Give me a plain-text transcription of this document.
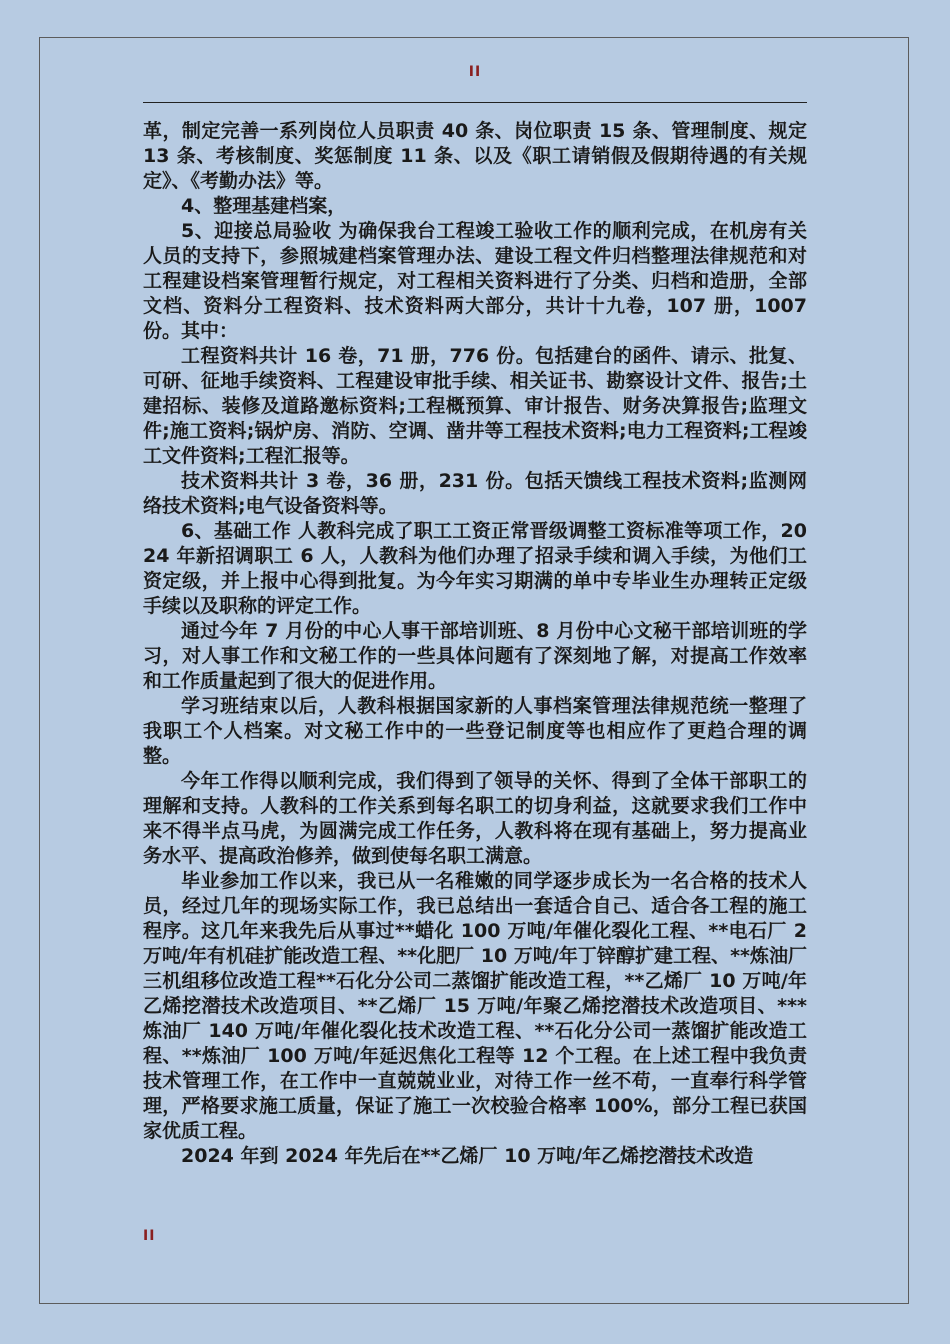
II

革，制定完善一系列岗位人员职责 40 条、岗位职责 15 条、管理制度、规定 13 条、考核制度、奖惩制度 11 条、以及《职工请销假及假期待遇的有关规定》、《考勤办法》等。

4、整理基建档案，

5、迎接总局验收 为确保我台工程竣工验收工作的顺利完成，在机房有关人员的支持下，参照城建档案管理办法、建设工程文件归档整理法律规范和对工程建设档案管理暂行规定，对工程相关资料进行了分类、归档和造册，全部文档、资料分工程资料、技术资料两大部分，共计十九卷，107 册，1007 份。其中：

工程资料共计 16 卷，71 册，776 份。包括建台的函件、请示、批复、可研、征地手续资料、工程建设审批手续、相关证书、勘察设计文件、报告;土建招标、装修及道路邀标资料;工程概预算、审计报告、财务决算报告;监理文件;施工资料;锅炉房、消防、空调、凿井等工程技术资料;电力工程资料;工程竣工文件资料;工程汇报等。

技术资料共计 3 卷，36 册，231 份。包括天馈线工程技术资料;监测网络技术资料;电气设备资料等。

6、基础工作 人教科完成了职工工资正常晋级调整工资标准等项工作，2024 年新招调职工 6 人，人教科为他们办理了招录手续和调入手续，为他们工资定级，并上报中心得到批复。为今年实习期满的单中专毕业生办理转正定级手续以及职称的评定工作。

通过今年 7 月份的中心人事干部培训班、8 月份中心文秘干部培训班的学习，对人事工作和文秘工作的一些具体问题有了深刻地了解，对提高工作效率和工作质量起到了很大的促进作用。

学习班结束以后，人教科根据国家新的人事档案管理法律规范统一整理了我职工个人档案。对文秘工作中的一些登记制度等也相应作了更趋合理的调整。

今年工作得以顺利完成，我们得到了领导的关怀、得到了全体干部职工的理解和支持。人教科的工作关系到每名职工的切身利益，这就要求我们工作中来不得半点马虎，为圆满完成工作任务，人教科将在现有基础上，努力提高业务水平、提高政治修养，做到使每名职工满意。

毕业参加工作以来，我已从一名稚嫩的同学逐步成长为一名合格的技术人员，经过几年的现场实际工作，我已总结出一套适合自己、适合各工程的施工程序。这几年来我先后从事过**蜡化 100 万吨/年催化裂化工程、**电石厂 2 万吨/年有机硅扩能改造工程、**化肥厂 10 万吨/年丁锌醇扩建工程、**炼油厂三机组移位改造工程**石化分公司二蒸馏扩能改造工程，**乙烯厂 10 万吨/年乙烯挖潜技术改造项目、**乙烯厂 15 万吨/年聚乙烯挖潜技术改造项目、***炼油厂 140 万吨/年催化裂化技术改造工程、**石化分公司一蒸馏扩能改造工程、**炼油厂 100 万吨/年延迟焦化工程等 12 个工程。在上述工程中我负责技术管理工作，在工作中一直兢兢业业，对待工作一丝不苟，一直奉行科学管理，严格要求施工质量，保证了施工一次校验合格率 100%，部分工程已获国家优质工程。

2024 年到 2024 年先后在**乙烯厂 10 万吨/年乙烯挖潜技术改造

II
